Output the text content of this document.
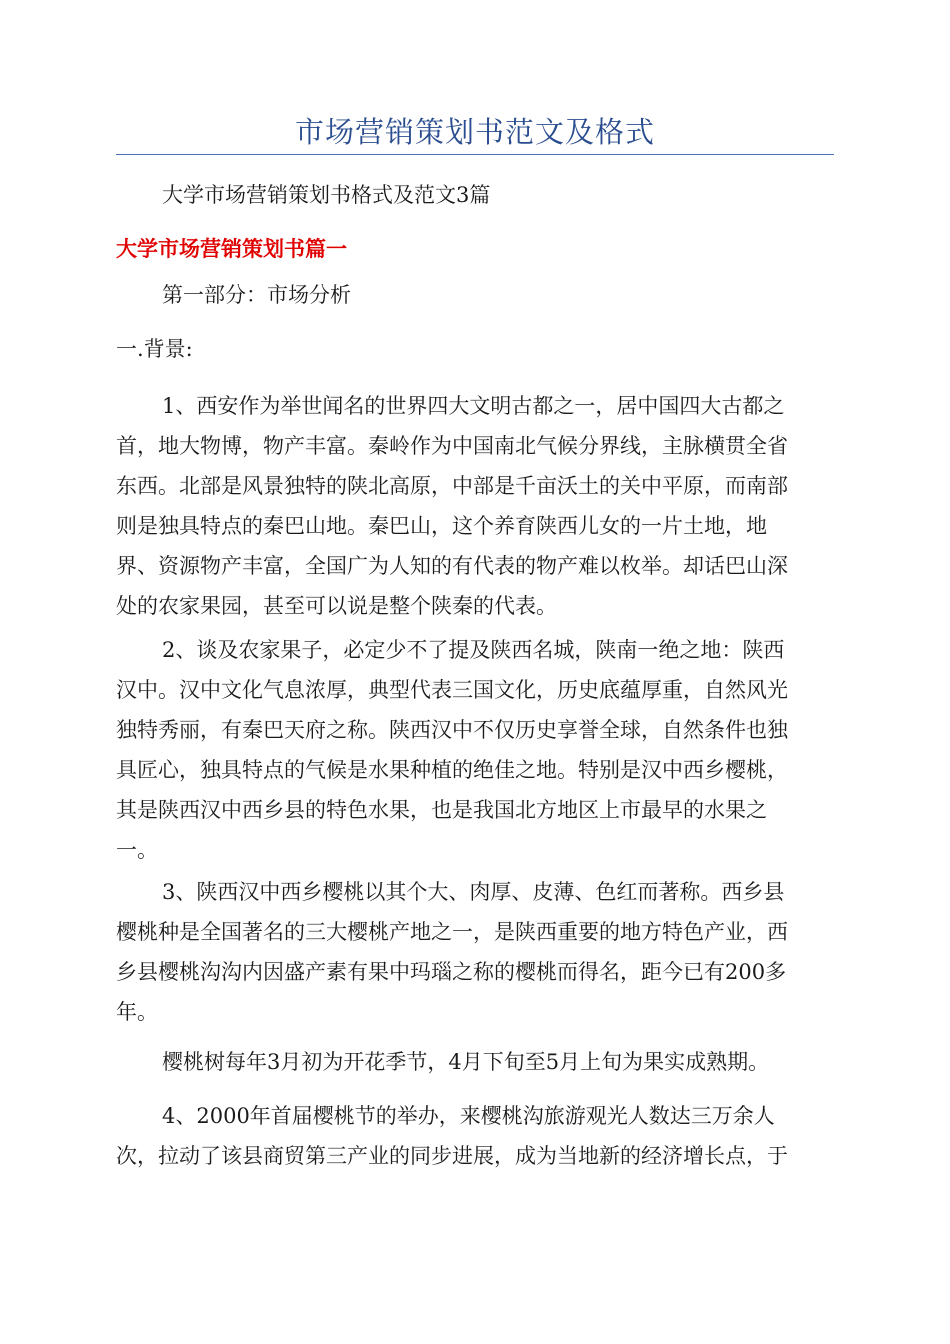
市场营销策划书范文及格式
大学市场营销策划书格式及范文3篇
大学市场营销策划书篇一
第一部分：市场分析
一.背景:
1、西安作为举世闻名的世界四大文明古都之一，居中国四大古都之
首，地大物博，物产丰富。秦岭作为中国南北气候分界线，主脉横贯全省
东西。北部是风景独特的陕北高原，中部是千亩沃土的关中平原，而南部
则是独具特点的秦巴山地。秦巴山，这个养育陕西儿女的一片土地，地
界、资源物产丰富，全国广为人知的有代表的物产难以枚举。却话巴山深
处的农家果园，甚至可以说是整个陕秦的代表。
2、谈及农家果子，必定少不了提及陕西名城，陕南一绝之地：陕西
汉中。汉中文化气息浓厚，典型代表三国文化，历史底蕴厚重，自然风光
独特秀丽，有秦巴天府之称。陕西汉中不仅历史享誉全球，自然条件也独
具匠心，独具特点的气候是水果种植的绝佳之地。特别是汉中西乡樱桃，
其是陕西汉中西乡县的特色水果，也是我国北方地区上市最早的水果之
一。
3、陕西汉中西乡樱桃以其个大、肉厚、皮薄、色红而著称。西乡县
樱桃种是全国著名的三大樱桃产地之一，是陕西重要的地方特色产业，西
乡县樱桃沟沟内因盛产素有果中玛瑙之称的樱桃而得名，距今已有200多
年。
樱桃树每年3月初为开花季节，4月下旬至5月上旬为果实成熟期。
4、2000年首届樱桃节的举办，来樱桃沟旅游观光人数达三万余人
次，拉动了该县商贸第三产业的同步进展，成为当地新的经济增长点，于
